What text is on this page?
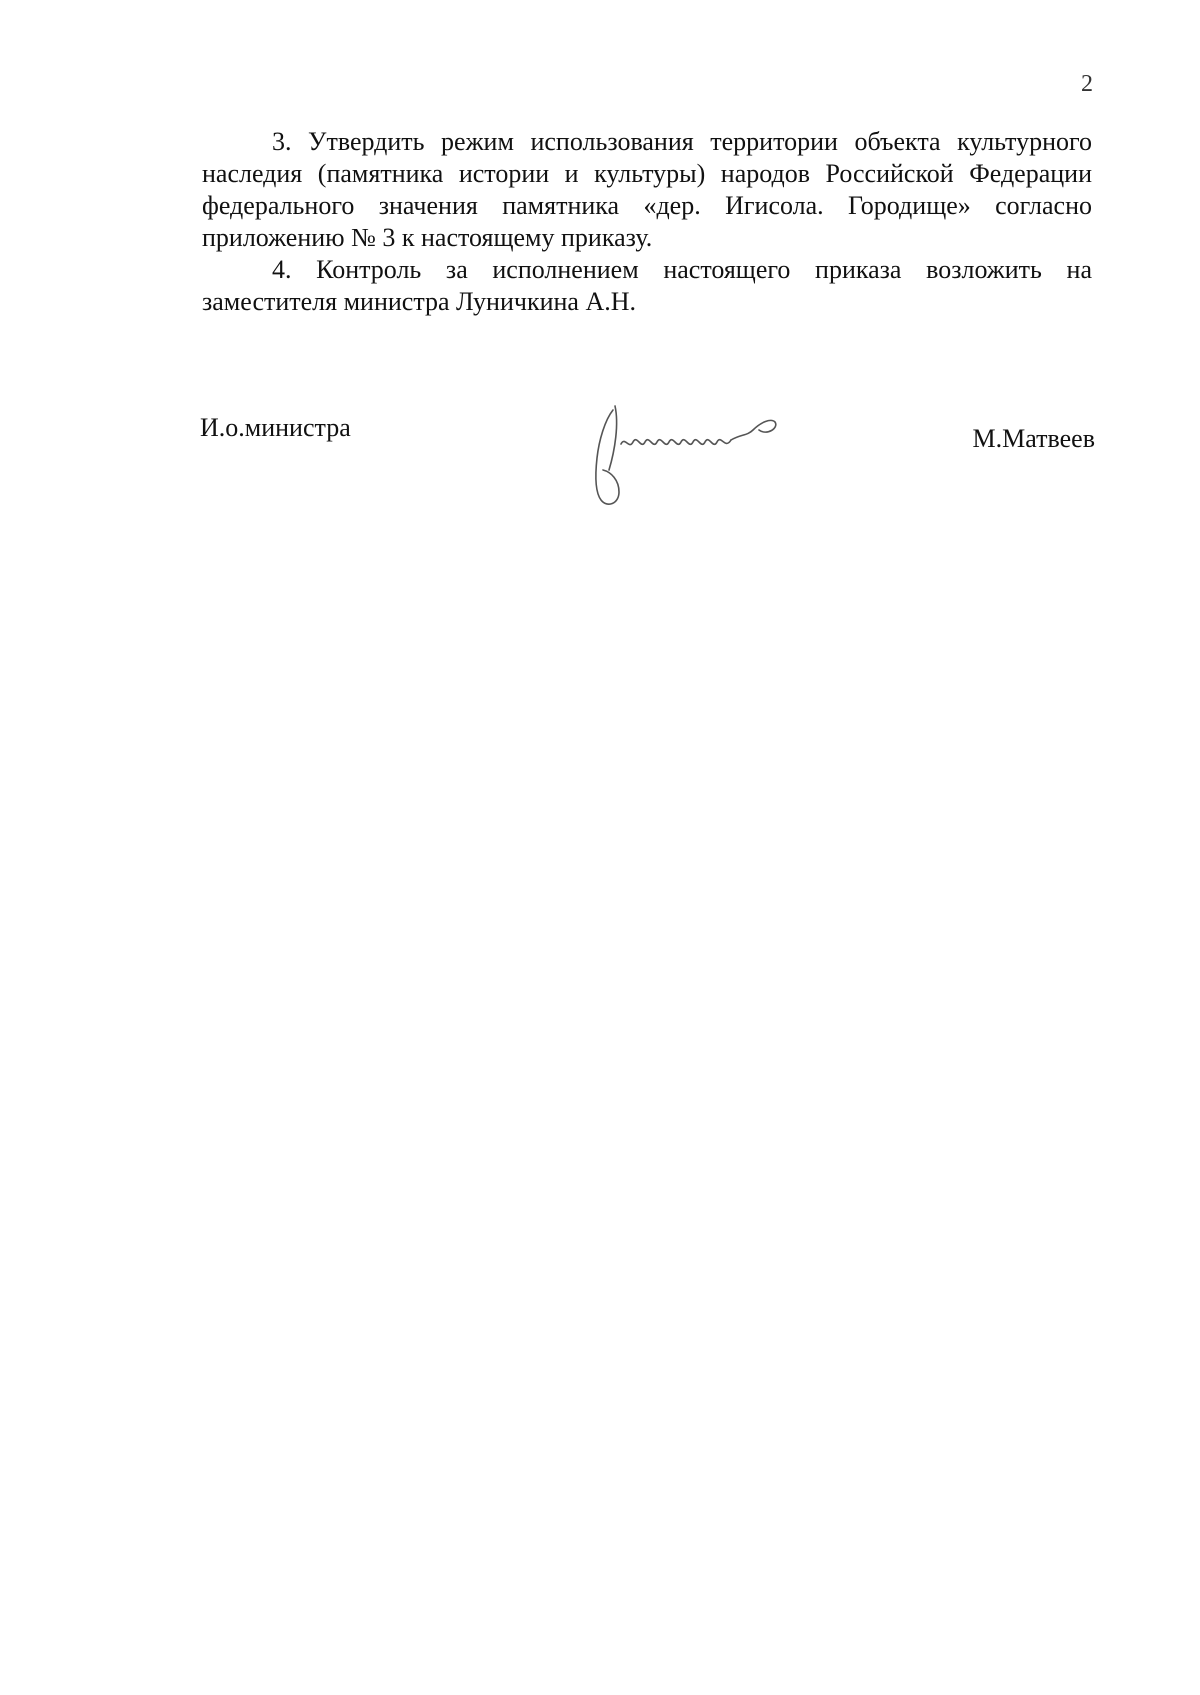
2

3. Утвердить режим использования территории объекта культурного наследия (памятника истории и культуры) народов Российской Федерации федерального значения памятника «дер. Игисола. Городище» согласно приложению № 3 к настоящему приказу.

4. Контроль за исполнением настоящего приказа возложить на заместителя министра Луничкина А.Н.

И.о.министра	М.Матвеев
